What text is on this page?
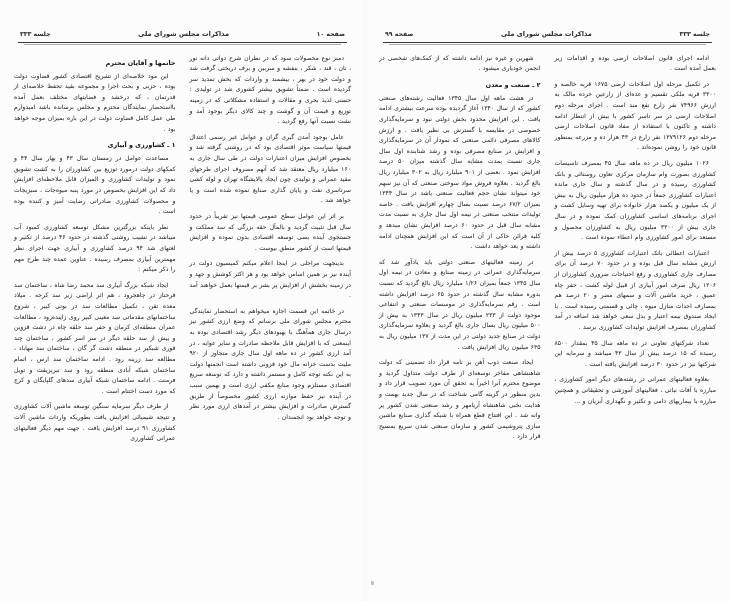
جلسه ۳۳۳
مذاکرات مجلس شورای ملی
صفحه ۹۹

ادامه اجرای قانون اصلاحات ارضی بوده و اقدامات زیر بعمل آمده است .

در تکمیل مرحله اول اصلاحات ارضی ۱۶۷۵ قریه خالصه و ۳۳۰۰ قریه ملکی تقسیم و عده‌ای از زارعین خرده مالک به ارزش ۷۴۹۶۶ نفر زارع نفع مند است . اجرای مرحله دوم اصلاحات ارضی در سر تاسر کشور با بیش از انتظار ادامه داشته و تاکنون با استفاده از مفاد قانون اصلاحات ارضی مرحله دوم ۱۳۷۹۱۲۶ نفر زارع در ۴۳ هزار ده و مزرعه بمنظور قانون خود را روشن نموده‌اند .

۱۰۲۶ میلیون ریال در ده ماهه سال ۴۵ بمصرف تاسیسات کشاورزی بصورت وام سازمان مرکزی تعاون روستائی و بانک کشاورزی رسیده و در سال گذشته و سال جاری مانده اعتبارات کشاورزی جمعاً در حدود ده هزار میلیون ریال به بیش از یک میلیون و یکصد هزار خانواده برای تهیه وسایل کشت و اجرای برنامه‌های اساسی کشاورزان کمک نموده و در سال جاری بیش از ۳۳۰۰ میلیون ریال به کشاورزان محصول و مستعد برای امور کشاورزی وام اعطاء نموده است .

اعتبارات اعطائی بانک اعتبارات کشاورزی ۵ درصد بیش از ارزش مشابه سال قبل بوده و در حدود ۷۰ درصد آن برای مصارف جاری کشاورزی و رفع احتیاجات ضروری کشاورزان از ۱۲۰۶ ریال صرف امور آبیاری از قبیل لوله کشت ، حفر چاه عمیق ، خرید ماشین آلات و سمهای مضر و ۲۰ درصد هم بمصارف احداث منازل میوه ، چائی و قسمتی رسیده است . با ایجاد صندوق بیمه اعتبار و بذل سعی خواهد شد اضافه در آمد کشاورزان بمصرف افزایش تولیدات کشاورزی برسد .

تعداد شرکتهای تعاونی در ده ماهه سال ۴۵ بمقدار ۸۵۰۰ رسیده که ۱۵ درصد بیش از سال ۴۳ میباشد و سرمایه این شرکتها نیز در حدود ۳۰ درصد افزایش یافته است .

بعلاوه فعالیتهای عمرانی در رشته‌های دیگر امور کشاورزی ، مبارزه با آفات نباتی ، فعالیتهای آموزشی و تحقیقاتی و همچنین مبارزه با بیماریهای دامی و تکثیر و نگهداری آبزیان و ...

شهرین و غیره نیز ادامه داشته که از کمک‌های شخصی در انجمن خودیاری میشود .

۲ ـ صنعت و معدن

در هشت ماهه اول سال ۱۳۴۵ فعالیت رشته‌های صنعتی کشور که از سال ۱۳۴۰ آغاز گردیده بوده سرعت بیشتری ادامه یافت . این افزایش محدود بخش دولتی نبود و سرمایه‌گذاری خصوصی در مقایسه با گسترش بی نظیر یافت . و ارزش کالاهای مصرفی دائمی صنعتی که نمودار آن در سرمایه‌گذاری و افزایش در صنایع مصرفی بوده و رشد شتابنده اول سال جاری نسبت بمدت مشابه سال گذشته میزان ۵۰ درصد افزایش نمود . بعضی از ۹۰۱ میلیارد ریال به ۳۰۲ میلیارد ریال بالغ گردید . بعلاوه فروش مواد سوختی صنعتی که آن نیز سهم خود میتواند نشان حجم فعالیت صنعتی باشد در سال ۱۳۴۴ بمیزان ۶۷/۲ درصد نسبت بسال چهارم افزایش یافت . خاصه تولیدات منتخب صنعتی در نیمه اول سال جاری به نسبت مدت مشابه سال قبل در حدود ۶۰ درصد افزایش نشان میدهد و کلیه قرائن حاکی از آن است که این افزایش همچنان ادامه داشته و بعد خواهد داشت .

در زمینه فعالیتهای صنعتی دولتی باید یادآور شد که سرمایه‌گذاری عمرانی در زمینه صنایع و معادن در نیمه اول سال ۱۳۴۵ جمعاً بمیزان ۱/۲۶ میلیارد ریال بالغ گردید که نسبت بدوره مشابه سال گذشته در حدود ۶۵ درصد افزایش داشته است . رقم سرمایه‌گذاری در موسسات صنعتی و انتفاعی موجود دولت از ۲۳۳ میلیون ریال در سال ۱۳۴۳ به بیش از ۵۰۰ میلیون ریال بسال جاری بالغ گردید و بعلاوه سرمایه‌گذاری دولت در صنایع جدید دولتی در این مدت از ۱۳۷ میلیون ریال به ۶۳۵ میلیون ریال افزایش یافت .

ایجاد صنعت ذوب آهن بر نامه قرار داد تضمینی که دولت شاهنشاهی مفاخر توسعه‌ای از طرف دولت متداول گردید و موضوع محترم آنرا اخیراً به تحقق آن مورد تصویب قرار داد و بدین منظور در گزینه گامی شناخت که در سال جدید بهمت و هدایت نخبی شاهنشاه آریامهر و رشد صنعتی شدن کشور پر وانه شد . این افتتاح قطع همراه با شبکه گذاری صنایع ماشین سازی پتروشیمی کشور و سازمان صنعتی شدن سریع بمسیح قرار دارد .

صفحه ۱۰
مذاکرات مجلس شورای ملی
جلسه ۳۳۳

دمنز نوع محصولات سود که در نظران شرح دواتی دانه نور ، نان ، قند ، شکر ، بنفشه و سربین و برف دریختی گرفت شد و دولت خود در بهر ، بیشمند و واردات که بخش تمدید سر گردیده است . ضمناً تشویق بیشتر کشوری شد در تولیدی : حسنی لذیذ بحری و مقالات و استفاده مشکلاتی که در زمینه توزیع و قیمت آن و گوشت و چند کالای دیگر بوجود آمد و نشت نسبت آنها رفع گردید .

عامل بوجود آمدن گیری گران و عوامل غیر رسمی اعتدال قیمتها سیاست موثر اقتصادی بود که در روشنی گرفته شد و بخصوص افزایش میزان اعتبارات دولت در طی سال جاری به ۱۶۰ میلیارد ریال معتقد شد که آنهم مصروف اجرای طرحهای مفید عمرانی و تولیدی چون ایجاد پالایشگاه تهران و لوله کشی سرتاسری نفت و پایان گذاری صنایع نموده شده است و یا خواهد شد .

بر اثر این عوامل سطح عمومی قیمتها نیز تقریباً در حدود سال قبل تثبیت گردید و بالمآل حقه بزرگی که سد مملکت و جستجوی آینده بسی توسعه اقتصادی بدون نموده و افزایش قیمتها است از کشور منطق بیوست .

بدینجهت مراحلی در اینجا اعلام میکنم کمیسیون دولت در آینده نیز بر همین اساس خواهد بود و هر اکثر کوشش و جهد و در زمینه بخشش از افزایش پر بشر بر قیمتها بعمل خواهند آمد .

در خاتمه این قسمت اجازه میخواهم به استحضار نمایندگی محترم مجلس شورای ملی برسانم که وضع ارزی کشور نیز درسال جاری همآهنگ با بهبودهای دیگر رشد اقتصادی بوده به اینمعنی که با افزایش قابل ملاحظه صادرات و سایر عوایه ، در آمد ارزی کشور در ده ماهه اول سال جاری متجاوز از ۹۲۰ ملیت بدست خزانه مال خود فزونی داشته است انجمنها دولت به این نکته توجه کامل و مستمر داشته و دارد که توسعه سریع اقتصادی مستلزم وجود منابع مکفی ارزی است و بهمین سبب در آینده نیز حفظ موازنه ارزی کشور مخصوصاً از طریق گسترش صادرات و افزایش بیشتر در آمدهای ارزی مورد نظر و توجه خواهد بود انجمندان .

خانمها و آقایان محترم

این مود خلاصه‌ای از تشریح اقتصادی کشور قضاوت دولت بوده ، حزبی و بحث اجرا و مجموعه بقید تحفظ خلاصه‌ای از قدرتمان ، که درخشد و فضایتهای مختلف بعمل آمده بااستحضار نمایندگان محترم و مجلس برسانده باشد امیدوارم طی عمل کامل قضاوت دولت در این باره بمیزان موجه خواهد بود .

۱ ـ کشاورزی و آبیاری

مساعدت عوامل در زمستان سال ۴۳ و بهار سال ۴۴ و کمکهای دولت درمورد توزیع بین کشاورزان را به کشت تشویق نمود و تولیدات کشاورزی و المیزان قابل ملاحظه‌ای افزایش داد که این افزایش بخصوص در مورد پنبه میوه‌جات ، سبزیجات و محصولات کشاورزی صادراتی رضایت آمیز و کننده بوده است .

نظر باینکه بزرگترین مشکل توسعه کشاورزی کمبود آب میباشد در نشیب روشنی گذشته در حدود ۴۶ درصد از تکثیر و لغتهای شد ۹۴ درصد کشاورزی و آبیاری جهت اجرای نظر مهمترین آبیاری بمصرف رسیده . عناوین عمده چند طرح مهم را ذکر میکنم :

ایجاد شبکه بزرگ آبیاری سد محمد رضا شاه ، ساختمان سد فرحناز در چاهجرود ، هم اثر اراضی زیر سد کرجه . میلاد معده تقن ، تکمیل مطالعات سد در بوتی کبیر ، شروع ساختمانهای مقدماتی سد معینی کبیر روی زاینده‌رود ، مطالعات عمران منطقه‌ای کرمان و حفر سد حلقه چاه در دشت قزوین و بیش از سد حلقه دیگر در سر اسر کشور ، ساختمان چند قوری شبکیر در منطقه دشت گر گان ، ساختمان سد مهاباد ، مطالعه سد زرینه رود . ادامه ساختمان سد ارس ، اتمام ساختمان شبکه آبادی منطقه رود و سد تبریزیفت و تویل فرمنت . ادامه ساختمان شبکه آبیاری سدهای گلپایگان و کرج که مورد دست اختتام است .

از طرف دیگر سرمایه سنگین توسعه ماشین آلات کشاورزی و نتیجه شیمیائی افزایش یافت بطوریکه واردات ماشین آلات کشاورزی ۹۱ درصد افزایش یافت . جهت مهم دیگر فعالیتهای عمرانی کشاورزی
